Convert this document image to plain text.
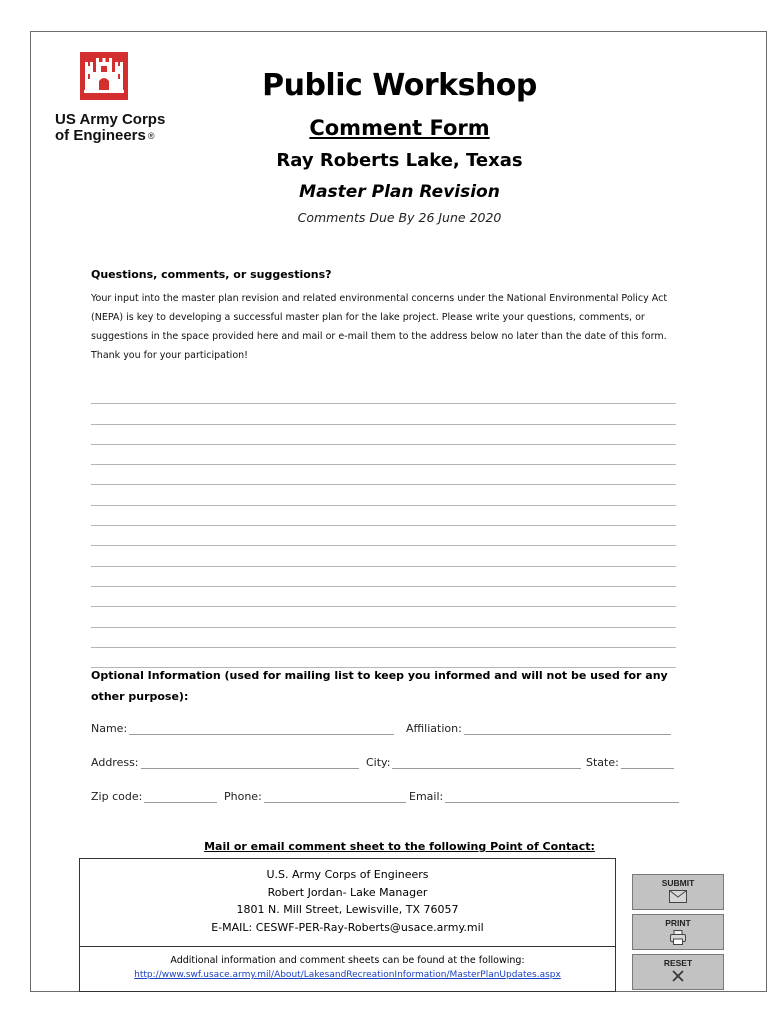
US Army Corps
of Engineers ®
Public Workshop
Comment Form
Ray Roberts Lake, Texas
Master Plan Revision
Comments Due By 26 June 2020
Questions, comments, or suggestions?
Your input into the master plan revision and related environmental concerns under the National Environmental Policy Act (NEPA) is key to developing a successful master plan for the lake project. Please write your questions, comments, or suggestions in the space provided here and mail or e-mail them to the address below no later than the date of this form. Thank you for your participation!
Optional Information (used for mailing list to keep you informed and will not be used for any other purpose):
Name:	Affiliation:
Address:	City:	State:
Zip code:	Phone:	Email:
Mail or email comment sheet to the following Point of Contact:
U.S. Army Corps of Engineers
Robert Jordan- Lake Manager
1801 N. Mill Street, Lewisville, TX 76057
E-MAIL: CESWF-PER-Ray-Roberts@usace.army.mil
Additional information and comment sheets can be found at the following:
http://www.swf.usace.army.mil/About/LakesandRecreationInformation/MasterPlanUpdates.aspx
SUBMIT
PRINT
RESET
